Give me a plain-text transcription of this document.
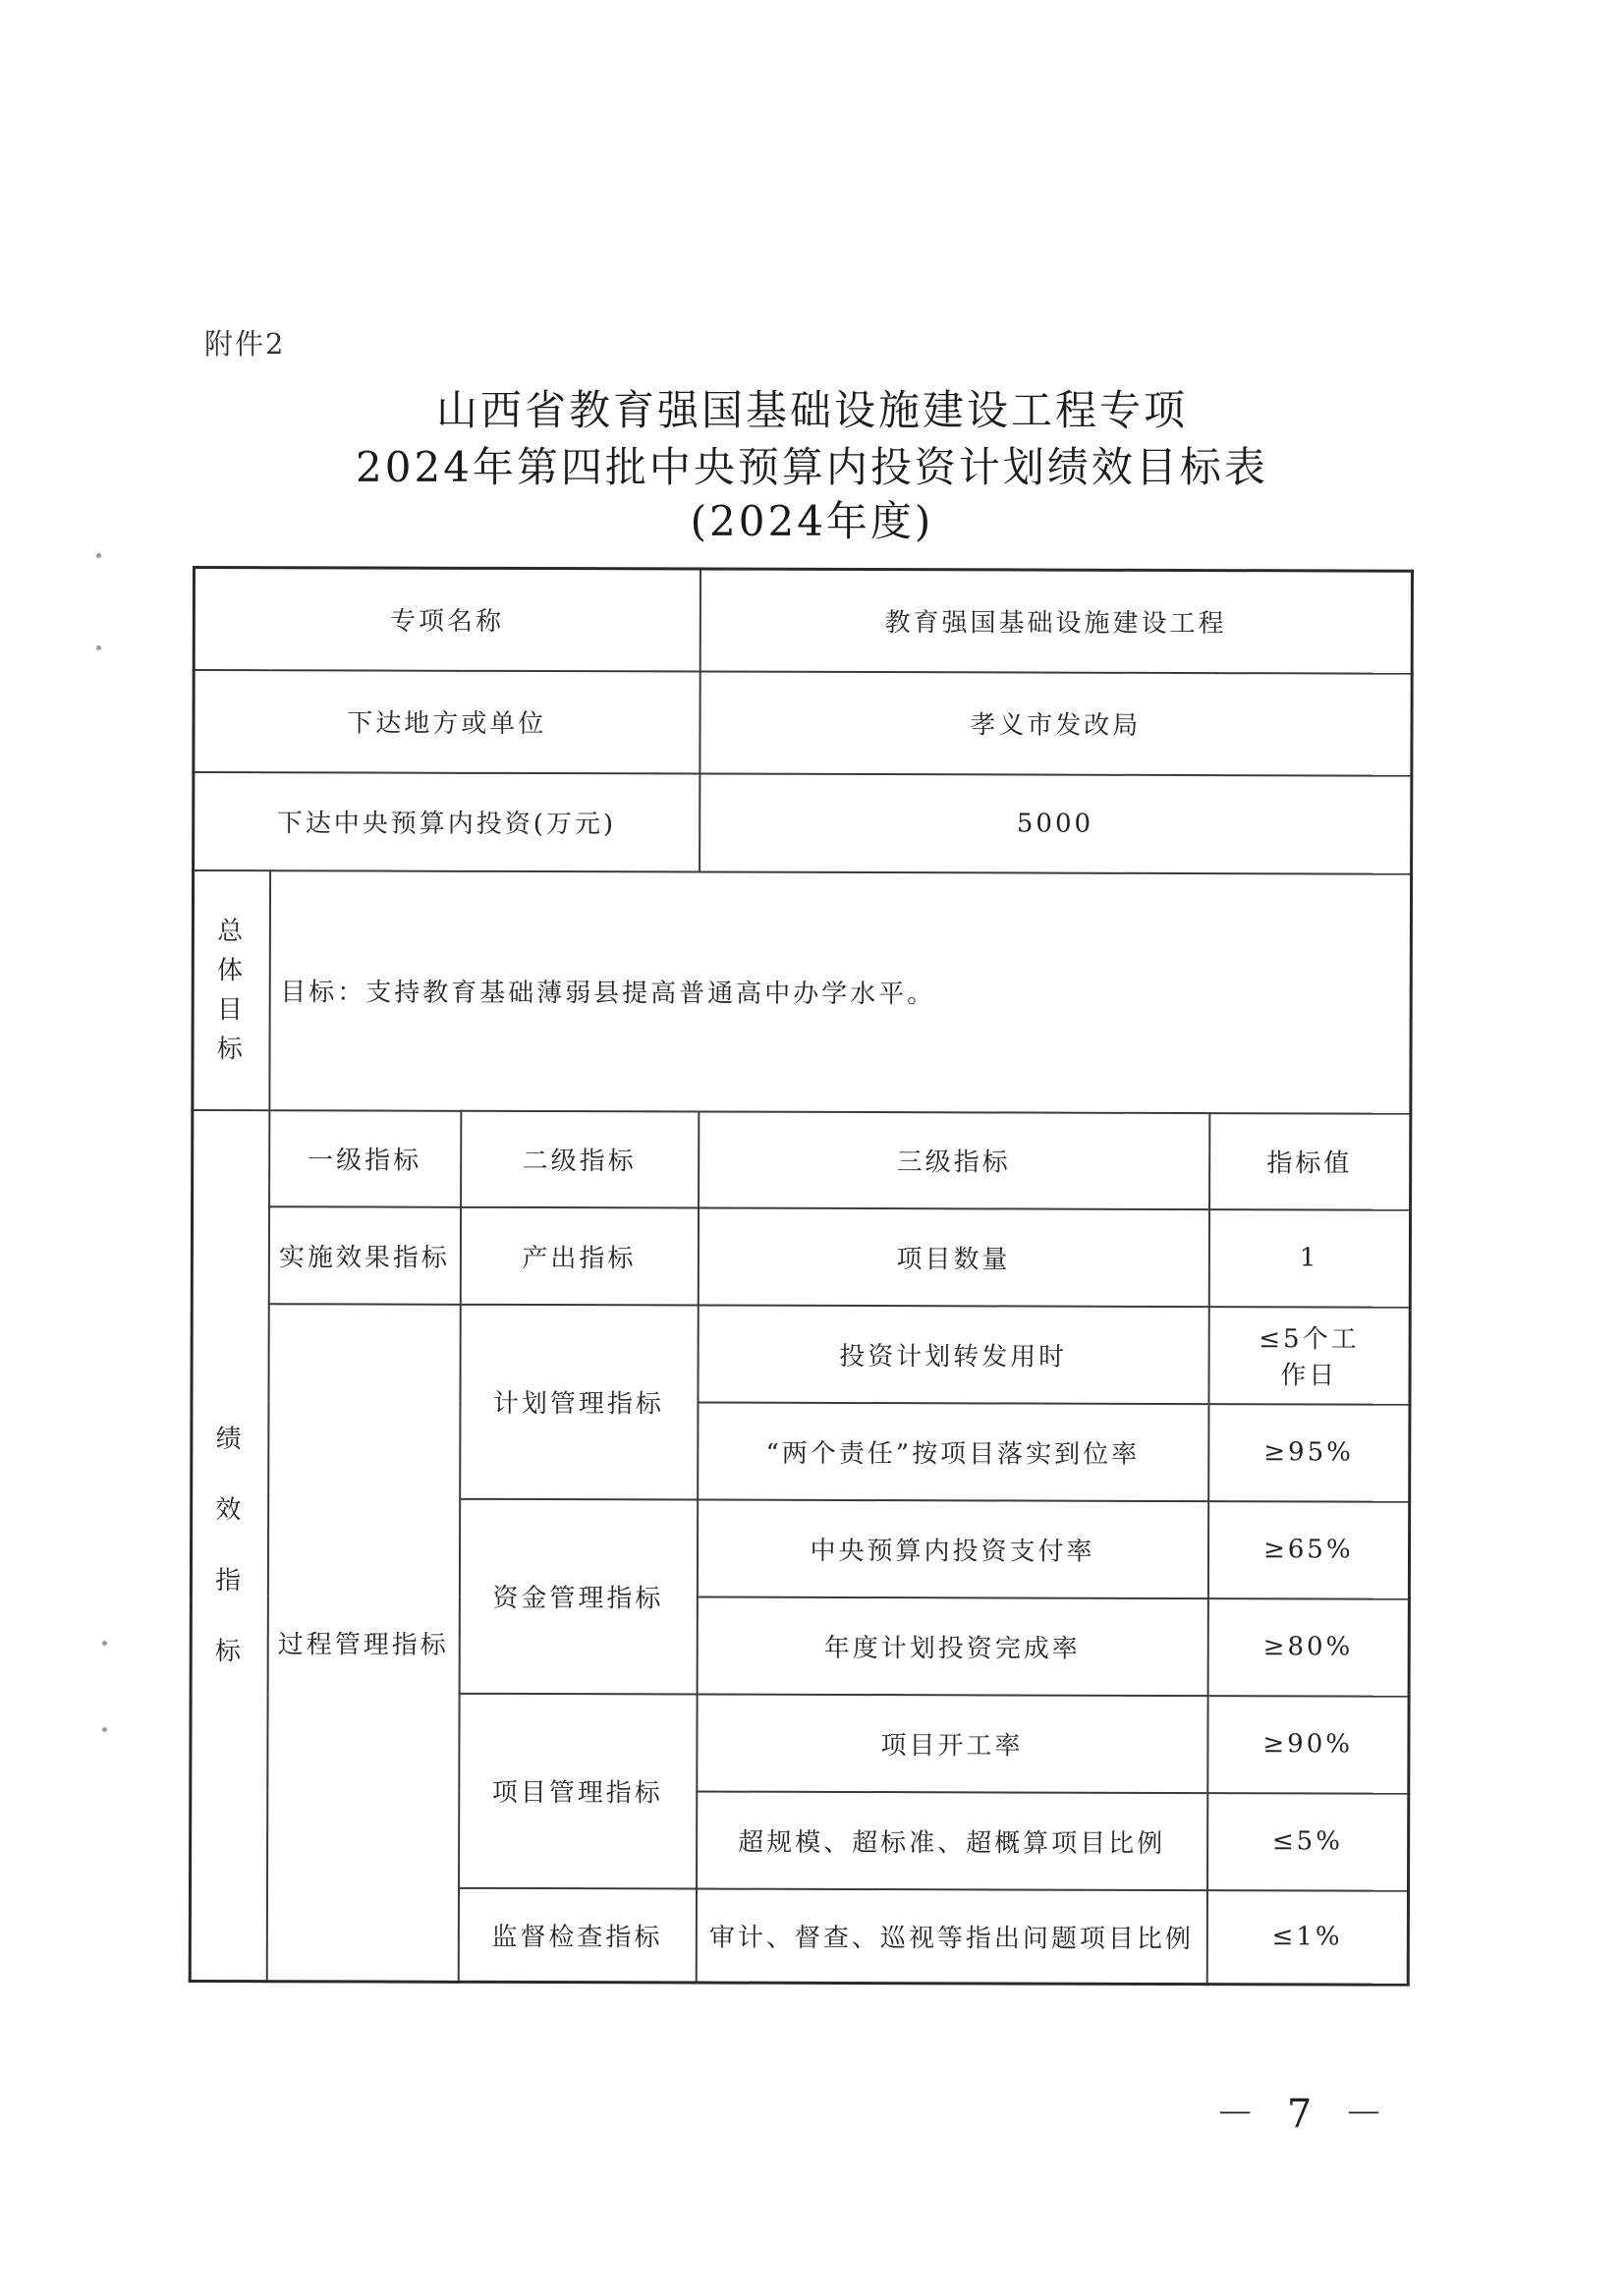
附件2
山西省教育强国基础设施建设工程专项
2024年第四批中央预算内投资计划绩效目标表
(2024年度)
专项名称			教育强国基础设施建设工程	
下达地方或单位			孝义市发改局	
下达中央预算内投资(万元)			5000	

总
体
目
标	目标：支持教育基础薄弱县提高普通高中办学水平。			

绩
效
指
标	一级指标	二级指标	三级指标	指标值
	实施效果指标	产出指标	项目数量	1
	过程管理指标	计划管理指标	投资计划转发用时	≤5个工
作日

			“两个责任”按项目落实到位率	≥95%
		资金管理指标	中央预算内投资支付率	≥65%
			年度计划投资完成率	≥80%
		项目管理指标	项目开工率	≥90%
			超规模、超标准、超概算项目比例	≤5%
		监督检查指标	审计、督查、巡视等指出问题项目比例	≤1%
－ 7 －
